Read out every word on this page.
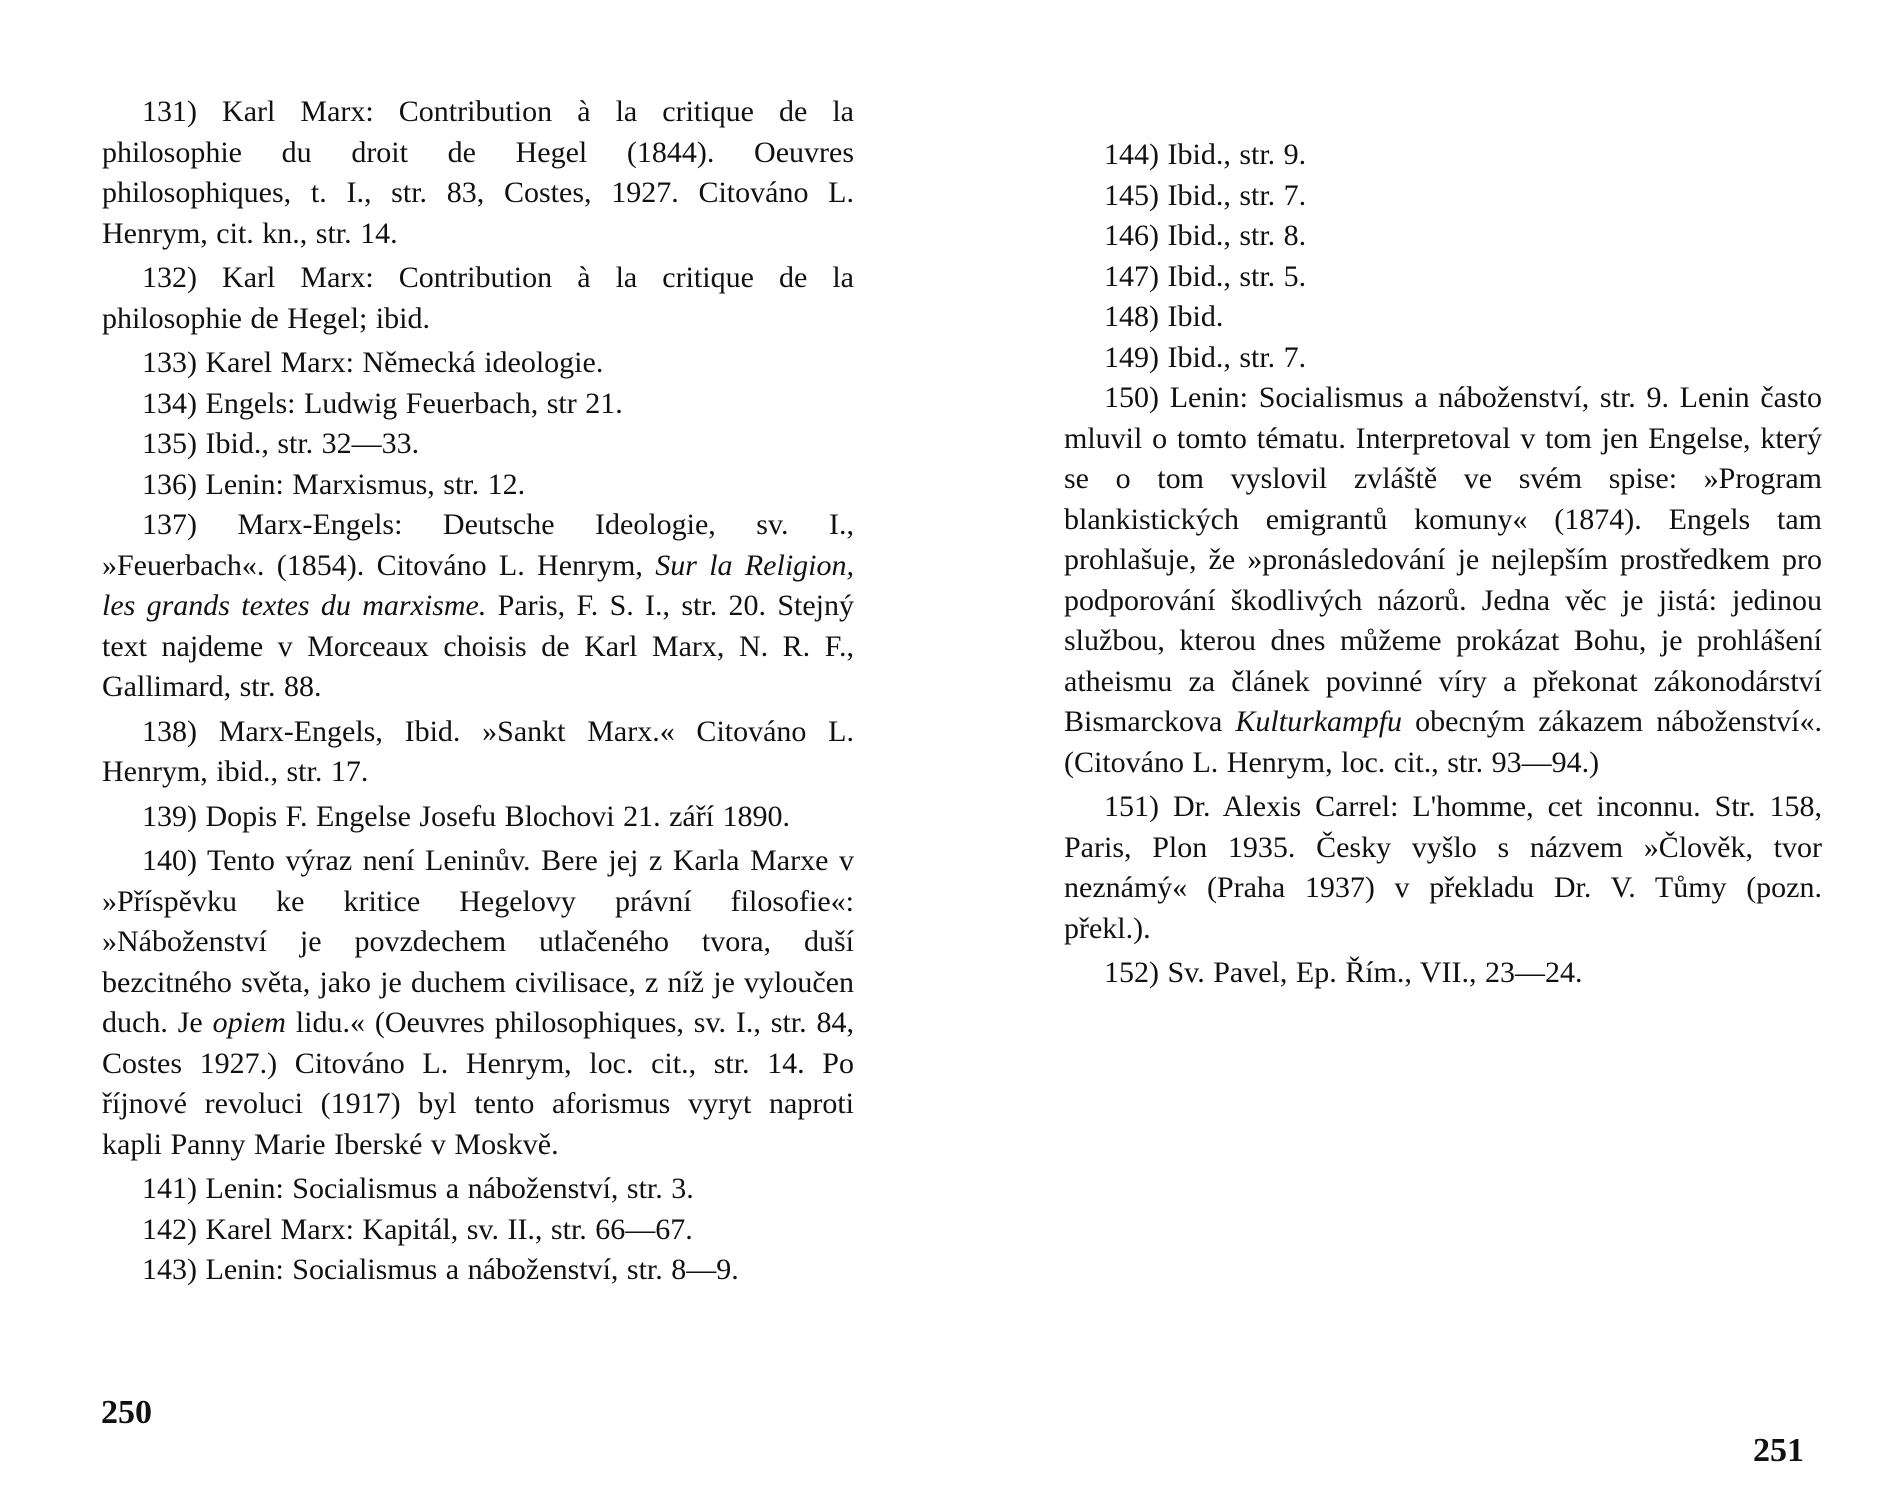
131) Karl Marx: Contribution à la critique de la philosophie du droit de Hegel (1844). Oeuvres philosophiques, t. I., str. 83, Costes, 1927. Citováno L. Henrym, cit. kn., str. 14.

132) Karl Marx: Contribution à la critique de la philosophie de Hegel; ibid.

133) Karel Marx: Německá ideologie.

134) Engels: Ludwig Feuerbach, str 21.

135) Ibid., str. 32—33.

136) Lenin: Marxismus, str. 12.

137) Marx-Engels: Deutsche Ideologie, sv. I., »Feuerbach«. (1854). Citováno L. Henrym, Sur la Religion, les grands textes du marxisme. Paris, F. S. I., str. 20. Stejný text najdeme v Morceaux choisis de Karl Marx, N. R. F., Gallimard, str. 88.

138) Marx-Engels, Ibid. »Sankt Marx.« Citováno L. Henrym, ibid., str. 17.

139) Dopis F. Engelse Josefu Blochovi 21. září 1890.

140) Tento výraz není Leninův. Bere jej z Karla Marxe v »Příspěvku ke kritice Hegelovy právní filosofie«: »Náboženství je povzdechem utlačeného tvora, duší bezcitného světa, jako je duchem civilisace, z níž je vyloučen duch. Je opiem lidu.« (Oeuvres philosophiques, sv. I., str. 84, Costes 1927.) Citováno L. Henrym, loc. cit., str. 14. Po říjnové revoluci (1917) byl tento aforismus vyryt naproti kapli Panny Marie Iberské v Moskvě.

141) Lenin: Socialismus a náboženství, str. 3.

142) Karel Marx: Kapitál, sv. II., str. 66—67.

143) Lenin: Socialismus a náboženství, str. 8—9.

250

144) Ibid., str. 9.

145) Ibid., str. 7.

146) Ibid., str. 8.

147) Ibid., str. 5.

148) Ibid.

149) Ibid., str. 7.

150) Lenin: Socialismus a náboženství, str. 9. Lenin často mluvil o tomto tématu. Interpretoval v tom jen Engelse, který se o tom vyslovil zvláště ve svém spise: »Program blankistických emigrantů komuny« (1874). Engels tam prohlašuje, že »pronásledování je nejlepším prostředkem pro podporování škodlivých názorů. Jedna věc je jistá: jedinou službou, kterou dnes můžeme prokázat Bohu, je prohlášení atheismu za článek povinné víry a překonat zákonodárství Bismarckova Kulturkampfu obecným zákazem náboženství«. (Citováno L. Henrym, loc. cit., str. 93—94.)

151) Dr. Alexis Carrel: L'homme, cet inconnu. Str. 158, Paris, Plon 1935. Česky vyšlo s názvem »Člověk, tvor neznámý« (Praha 1937) v překladu Dr. V. Tůmy (pozn. překl.).

152) Sv. Pavel, Ep. Řím., VII., 23—24.

251
